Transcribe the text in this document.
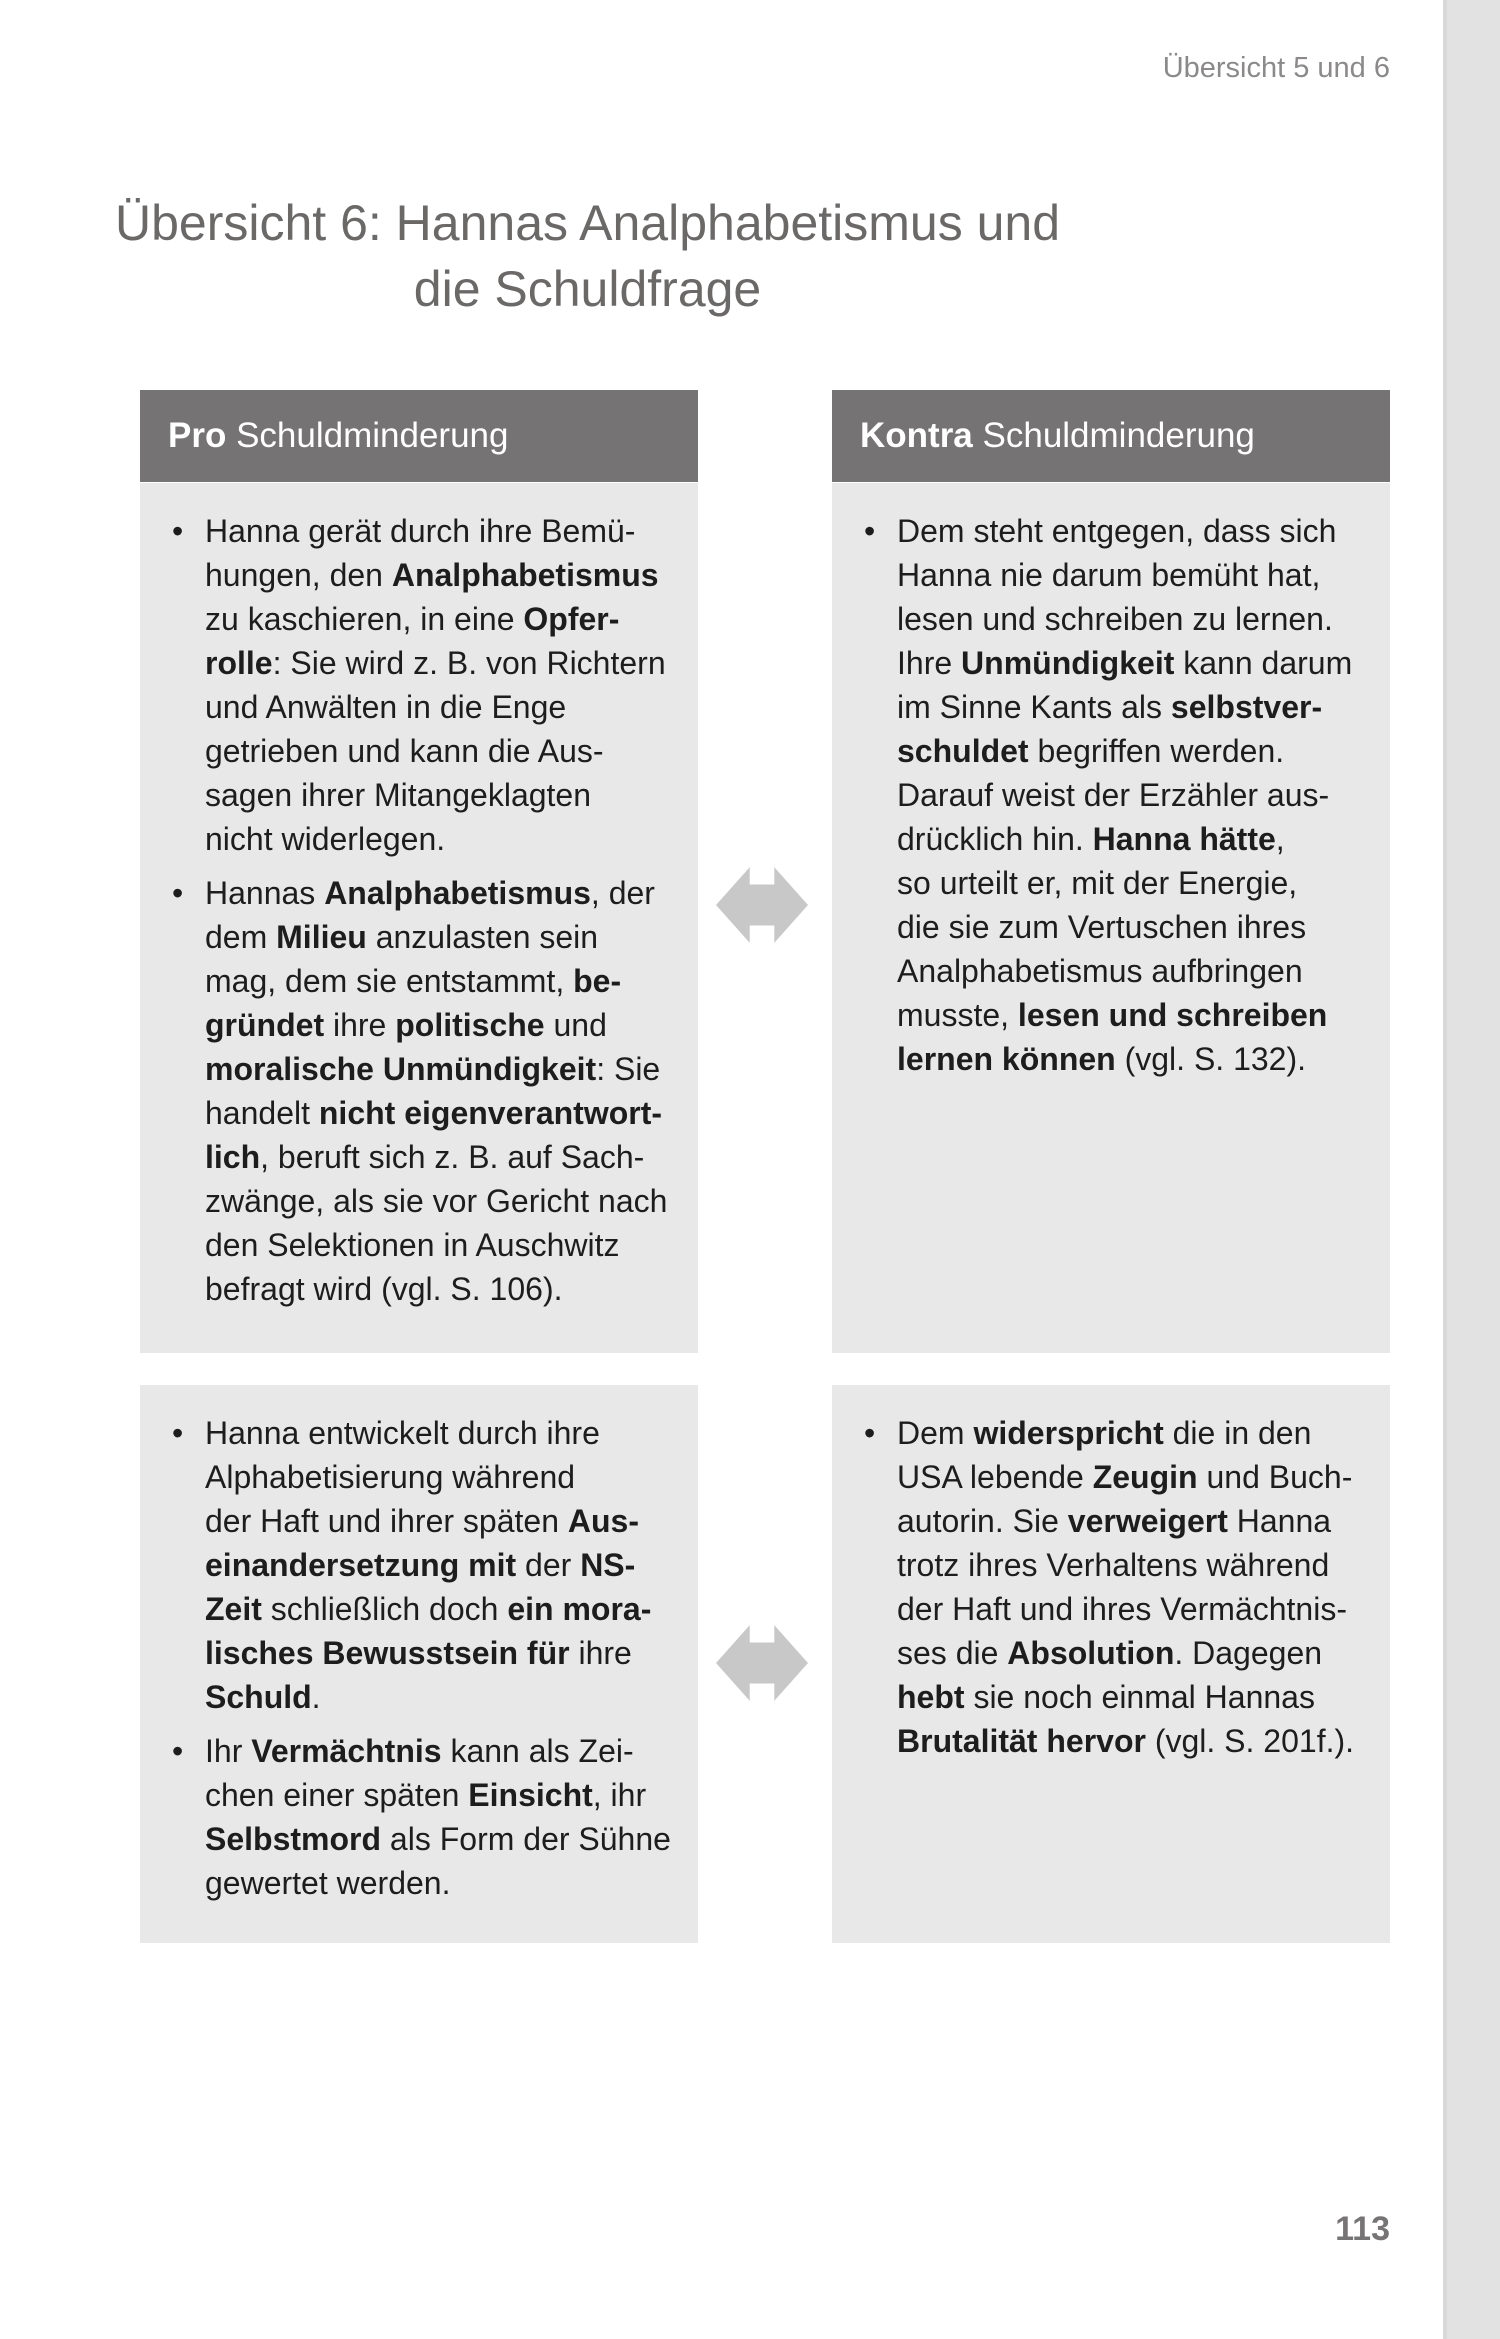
Übersicht 5 und 6
Übersicht 6: Hannas Analphabetismus und
die Schuldfrage
Pro Schuldminderung	Kontra Schuldminderung
• Hanna gerät durch ihre Bemü-
hungen, den Analphabetismus
zu kaschieren, in eine Opfer-
rolle: Sie wird z. B. von Richtern
und Anwälten in die Enge
getrieben und kann die Aus-
sagen ihrer Mitangeklagten
nicht widerlegen.
• Hannas Analphabetismus, der
dem Milieu anzulasten sein
mag, dem sie entstammt, be-
gründet ihre politische und
moralische Unmündigkeit: Sie
handelt nicht eigenverantwort-
lich, beruft sich z. B. auf Sach-
zwänge, als sie vor Gericht nach
den Selektionen in Auschwitz
befragt wird (vgl. S. 106).
• Dem steht entgegen, dass sich
Hanna nie darum bemüht hat,
lesen und schreiben zu lernen.
Ihre Unmündigkeit kann darum
im Sinne Kants als selbstver-
schuldet begriffen werden.
Darauf weist der Erzähler aus-
drücklich hin. Hanna hätte,
so urteilt er, mit der Energie,
die sie zum Vertuschen ihres
Analphabetismus aufbringen
musste, lesen und schreiben
lernen können (vgl. S. 132).
• Hanna entwickelt durch ihre
Alphabetisierung während
der Haft und ihrer späten Aus-
einandersetzung mit der NS-
Zeit schließlich doch ein mora-
lisches Bewusstsein für ihre
Schuld.
• Ihr Vermächtnis kann als Zei-
chen einer späten Einsicht, ihr
Selbstmord als Form der Sühne
gewertet werden.
• Dem widerspricht die in den
USA lebende Zeugin und Buch-
autorin. Sie verweigert Hanna
trotz ihres Verhaltens während
der Haft und ihres Vermächtnis-
ses die Absolution. Dagegen
hebt sie noch einmal Hannas
Brutalität hervor (vgl. S. 201f.).
113
